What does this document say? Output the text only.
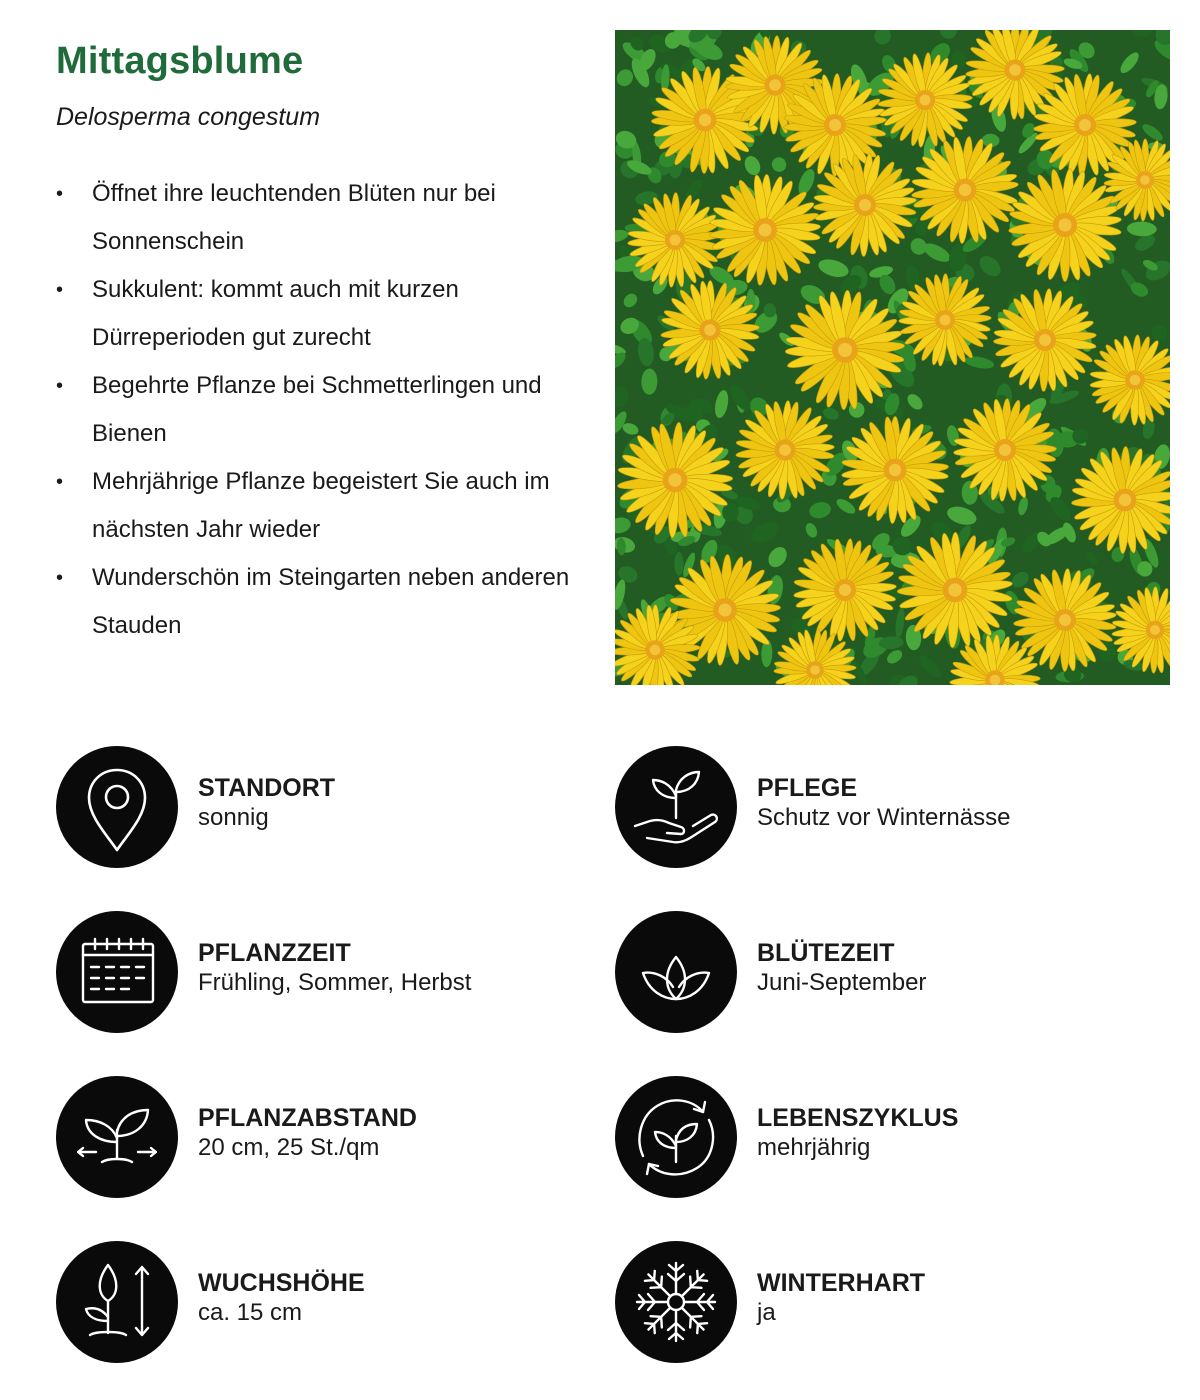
Mittagsblume
Delosperma congestum
• Öffnet ihre leuchtenden Blüten nur bei Sonnenschein
• Sukkulent: kommt auch mit kurzen Dürreperioden gut zurecht
• Begehrte Pflanze bei Schmetterlingen und Bienen
• Mehrjährige Pflanze begeistert Sie auch im nächsten Jahr wieder
• Wunderschön im Steingarten neben anderen Stauden
STANDORT
sonnig
PFLEGE
Schutz vor Winternässe
PFLANZZEIT
Frühling, Sommer, Herbst
BLÜTEZEIT
Juni-September
PFLANZABSTAND
20 cm, 25 St./qm
LEBENSZYKLUS
mehrjährig
WUCHSHÖHE
ca. 15 cm
WINTERHART
ja
